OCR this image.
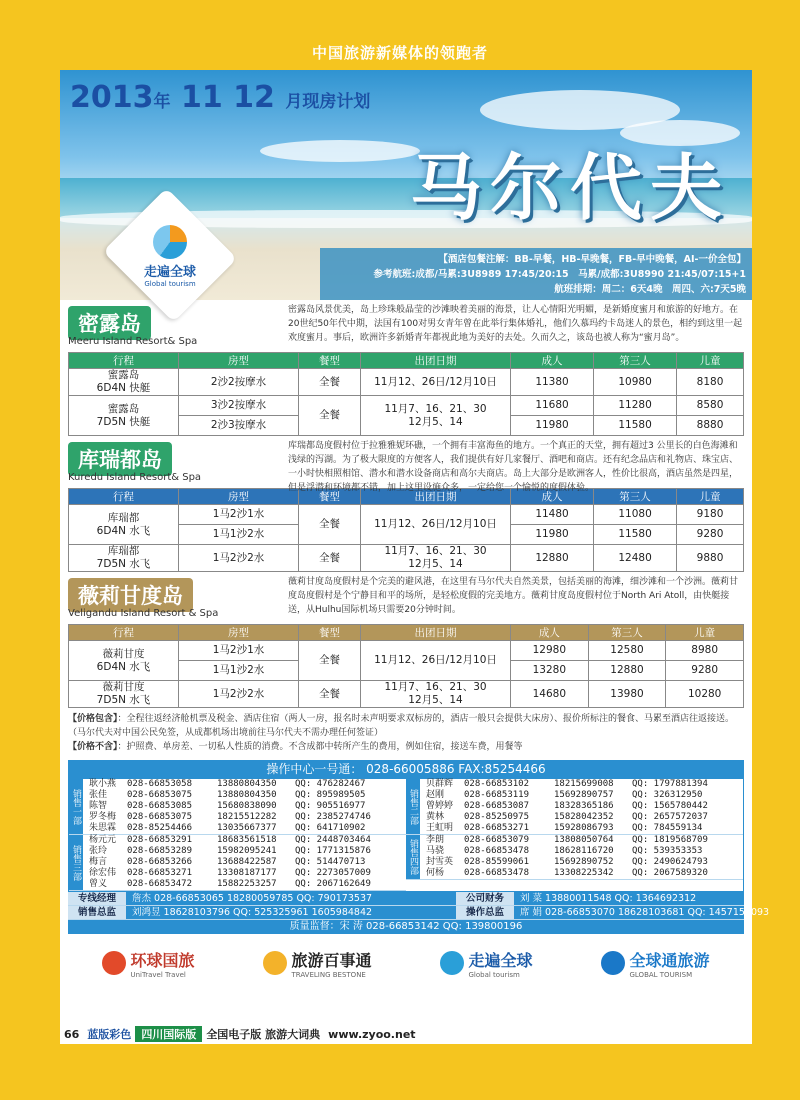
中国旅游新媒体的领跑者
2013年 11 12 月现房计划
马尔代夫
走遍全球
Global tourism
【酒店包餐注解：BB-早餐，HB-早晚餐，FB-早中晚餐，AI-一价全包】
参考航班:成都/马累:3U8989 17:45/20:15　马累/成都:3U8990 21:45/07:15+1
航班排期：周二：6天4晚　周四、六:7天5晚
密露岛
Meeru Island Resort& Spa
密露岛风景优美，岛上珍珠般晶莹的沙滩映着美丽的海景，让人心情阳光明媚，是新婚度蜜月和旅游的好地方。在20世纪50年代中期，法国有100对男女青年曾在此举行集体婚礼，他们久慕玛约卡岛迷人的景色，相约到这里一起欢度蜜月。事后，欧洲许多新婚青年都视此地为美好的去处。久而久之，该岛也被人称为“蜜月岛”。
行程	房型	餐型	出团日期	成人	第三人	儿童
蜜露岛
6D4N 快艇	2沙2按摩水	全餐	11月12、26日/12月10日	11380	10980	8180
蜜露岛
7D5N 快艇	3沙2按摩水	全餐	11月7、16、21、30
12月5、14	11680	11280	8580
	2沙3按摩水			11980	11580	8880
库瑞都岛
Kuredu Island Resort& Spa
库瑞都岛度假村位于拉雅雅妮环礁，一个拥有丰富海鱼的地方。一个真正的天堂，拥有超过3 公里长的白色海滩和浅绿的泻湖。为了极大限度的方便客人，我们提供有好几家餐厅、酒吧和商店。还有纪念品店和礼物店、珠宝店、一小时快相照相馆、潜水和潜水设备商店和高尔夫商店。岛上大部分是欧洲客人，性价比很高，酒店虽然是四星，但是浮潜和环境都不错，加上这里设施众多，一定给您一个愉悦的度假体验。
行程	房型	餐型	出团日期	成人	第三人	儿童
库瑞都
6D4N 水飞	1马2沙1水	全餐	11月12、26日/12月10日	11480	11080	9180
	1马1沙2水			11980	11580	9280
库瑞都
7D5N 水飞	1马2沙2水	全餐	11月7、16、21、30
12月5、14	12880	12480	9880
薇莉甘度岛
Veligandu Island Resort & Spa
薇莉甘度岛度假村是个完美的避风港，在这里有马尔代夫自然美景，包括美丽的海滩，细沙滩和一个沙洲。薇莉甘度岛度假村是个宁静目和平的场所，是轻松度假的完美地方。薇莉甘度岛度假村位于North Ari Atoll，由快艇接送，从Hulhu国际机场只需要20分钟时间。
行程	房型	餐型	出团日期	成人	第三人	儿童
薇莉甘度
6D4N 水飞	1马2沙1水	全餐	11月12、26日/12月10日	12980	12580	8980
	1马1沙2水			13280	12880	9280
薇莉甘度
7D5N 水飞	1马2沙2水	全餐	11月7、16、21、30
12月5、14	14680	13980	10280
【价格包含】：全程往返经济舱机票及税金、酒店住宿（两人一房，报名时未声明要求双标房的，酒店一般只会提供大床房）、报价所标注的餐食、马累至酒店往返接送。（马尔代夫对中国公民免签，从成都机场出境前往马尔代夫不需办理任何签证）
【价格不含】：护照费、单房差、一切私人性质的消费。不含成都中转所产生的费用，例如住宿，接送车费，用餐等
操作中心一号通： 028-66005886 FAX:85254466
销售一部
耿小燕	028-66853058	13880804350	QQ: 476282467
张佳	028-66853075	13880804350	QQ: 895989505
陈智	028-66853085	15680838090	QQ: 905516977
罗冬梅	028-66853075	18215512282	QQ: 2385274746
朱思霖	028-85254466	13035667377	QQ: 641710902
销售三部
杨元元	028-66853291	18683561518	QQ: 2448703464
张玲	028-66853289	15982095241	QQ: 1771315876
梅言	028-66853266	13688422587	QQ: 514470713
徐宏伟	028-66853271	13308187177	QQ: 2273057009
曾义	028-66853472	15882253257	QQ: 2067162649
销售二部
贝群辉	028-66853102	18215699008	QQ: 1797881394
赵刚	028-66853119	15692890757	QQ: 326312950
曾婷婷	028-66853087	18328365186	QQ: 1565780442
黄林	028-85250975	15828042352	QQ: 2657572037
王虹明	028-66853271	15928086793	QQ: 784559134
销售四部 李朗	028-66853079	13808050764	QQ: 1819568709
马骁	028-66853478	18628116720	QQ: 539353353
封雪英	028-85599061	15692890752	QQ: 2490624793
何杨	028-66853478	13308225342	QQ: 2067589320
专线经理	詹杰 028-66853065 18280059785 QQ: 790173537	公司财务	刘 菜 13880011548 QQ: 1364692312
销售总监	刘鸿昱 18628103796 QQ: 525325961 1605984842	操作总监	席 娟 028-66853070 18628103681 QQ: 1457152093
质量监督：宋 涛 028-66853142 QQ: 139800196
环球国旅
UniTravel Travel
旅游百事通
TRAVELING BESTONE
走遍全球
Global tourism
全球通旅游
GLOBAL TOURISM
66 蓝版彩色 四川国际版 全国电子版 旅游大词典 www.zyoo.net
